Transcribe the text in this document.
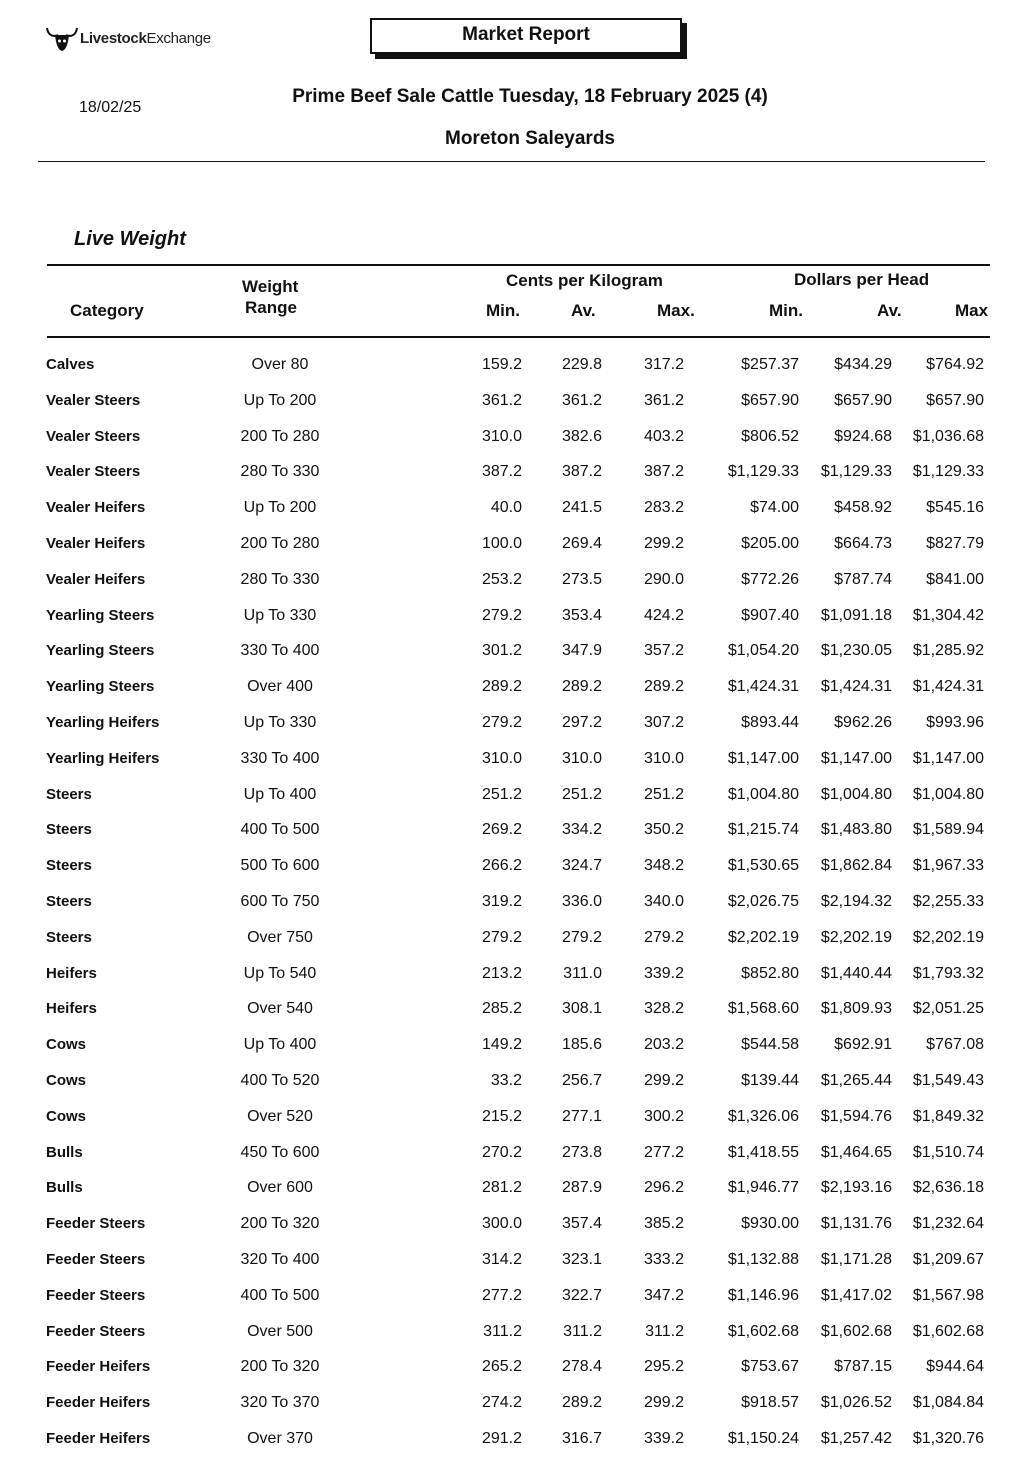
LivestockExchange	Market Report
18/02/25
Prime Beef Sale Cattle Tuesday, 18 February 2025 (4)
Moreton Saleyards
Live Weight
Category
Weight
Range
Cents per Kilogram	Dollars per Head
Min.	Av.	Max.	Min.	Av.	Max
Calves	Over 80	159.2	229.8	317.2	$257.37	$434.29	$764.92
Vealer Steers	Up To 200	361.2	361.2	361.2	$657.90	$657.90	$657.90
Vealer Steers	200 To 280	310.0	382.6	403.2	$806.52	$924.68	$1,036.68
Vealer Steers	280 To 330	387.2	387.2	387.2	$1,129.33	$1,129.33	$1,129.33
Vealer Heifers	Up To 200	40.0	241.5	283.2	$74.00	$458.92	$545.16
Vealer Heifers	200 To 280	100.0	269.4	299.2	$205.00	$664.73	$827.79
Vealer Heifers	280 To 330	253.2	273.5	290.0	$772.26	$787.74	$841.00
Yearling Steers	Up To 330	279.2	353.4	424.2	$907.40	$1,091.18	$1,304.42
Yearling Steers	330 To 400	301.2	347.9	357.2	$1,054.20	$1,230.05	$1,285.92
Yearling Steers	Over 400	289.2	289.2	289.2	$1,424.31	$1,424.31	$1,424.31
Yearling Heifers	Up To 330	279.2	297.2	307.2	$893.44	$962.26	$993.96
Yearling Heifers	330 To 400	310.0	310.0	310.0	$1,147.00	$1,147.00	$1,147.00
Steers	Up To 400	251.2	251.2	251.2	$1,004.80	$1,004.80	$1,004.80
Steers	400 To 500	269.2	334.2	350.2	$1,215.74	$1,483.80	$1,589.94
Steers	500 To 600	266.2	324.7	348.2	$1,530.65	$1,862.84	$1,967.33
Steers	600 To 750	319.2	336.0	340.0	$2,026.75	$2,194.32	$2,255.33
Steers	Over 750	279.2	279.2	279.2	$2,202.19	$2,202.19	$2,202.19
Heifers	Up To 540	213.2	311.0	339.2	$852.80	$1,440.44	$1,793.32
Heifers	Over 540	285.2	308.1	328.2	$1,568.60	$1,809.93	$2,051.25
Cows	Up To 400	149.2	185.6	203.2	$544.58	$692.91	$767.08
Cows	400 To 520	33.2	256.7	299.2	$139.44	$1,265.44	$1,549.43
Cows	Over 520	215.2	277.1	300.2	$1,326.06	$1,594.76	$1,849.32
Bulls	450 To 600	270.2	273.8	277.2	$1,418.55	$1,464.65	$1,510.74
Bulls	Over 600	281.2	287.9	296.2	$1,946.77	$2,193.16	$2,636.18
Feeder Steers	200 To 320	300.0	357.4	385.2	$930.00	$1,131.76	$1,232.64
Feeder Steers	320 To 400	314.2	323.1	333.2	$1,132.88	$1,171.28	$1,209.67
Feeder Steers	400 To 500	277.2	322.7	347.2	$1,146.96	$1,417.02	$1,567.98
Feeder Steers	Over 500	311.2	311.2	311.2	$1,602.68	$1,602.68	$1,602.68
Feeder Heifers	200 To 320	265.2	278.4	295.2	$753.67	$787.15	$944.64
Feeder Heifers	320 To 370	274.2	289.2	299.2	$918.57	$1,026.52	$1,084.84
Feeder Heifers	Over 370	291.2	316.7	339.2	$1,150.24	$1,257.42	$1,320.76
